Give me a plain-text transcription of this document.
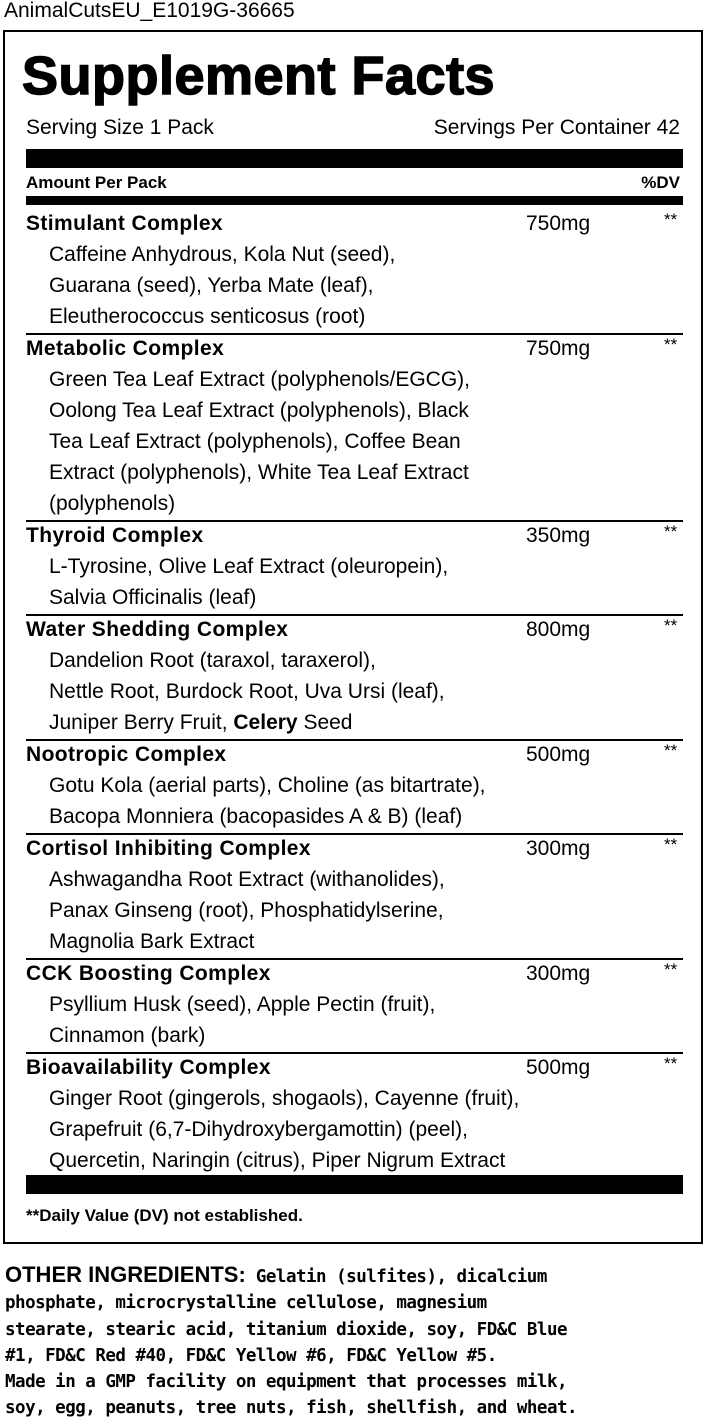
AnimalCutsEU_E1019G-36665
Supplement Facts
Serving Size 1 Pack	Servings Per Container 42
Amount Per Pack	%DV
Stimulant Complex	750mg	**
Caffeine Anhydrous, Kola Nut (seed),
Guarana (seed), Yerba Mate (leaf),
Eleutherococcus senticosus (root)
Metabolic Complex	750mg	**
Green Tea Leaf Extract (polyphenols/EGCG),
Oolong Tea Leaf Extract (polyphenols), Black
Tea Leaf Extract (polyphenols), Coffee Bean
Extract (polyphenols), White Tea Leaf Extract
(polyphenols)
Thyroid Complex	350mg	**
L-Tyrosine, Olive Leaf Extract (oleuropein),
Salvia Officinalis (leaf)
Water Shedding Complex	800mg	**
Dandelion Root (taraxol, taraxerol),
Nettle Root, Burdock Root, Uva Ursi (leaf),
Juniper Berry Fruit, Celery Seed
Nootropic Complex	500mg	**
Gotu Kola (aerial parts), Choline (as bitartrate),
Bacopa Monniera (bacopasides A & B) (leaf)
Cortisol Inhibiting Complex	300mg	**
Ashwagandha Root Extract (withanolides),
Panax Ginseng (root), Phosphatidylserine,
Magnolia Bark Extract
CCK Boosting Complex	300mg	**
Psyllium Husk (seed), Apple Pectin (fruit),
Cinnamon (bark)
Bioavailability Complex	500mg	**
Ginger Root (gingerols, shogaols), Cayenne (fruit),
Grapefruit (6,7-Dihydroxybergamottin) (peel),
Quercetin, Naringin (citrus), Piper Nigrum Extract
**Daily Value (DV) not established.
OTHER INGREDIENTS: Gelatin (sulfites), dicalcium
phosphate, microcrystalline cellulose, magnesium
stearate, stearic acid, titanium dioxide, soy, FD&C Blue
#1, FD&C Red #40, FD&C Yellow #6, FD&C Yellow #5.
Made in a GMP facility on equipment that processes milk,
soy, egg, peanuts, tree nuts, fish, shellfish, and wheat.
